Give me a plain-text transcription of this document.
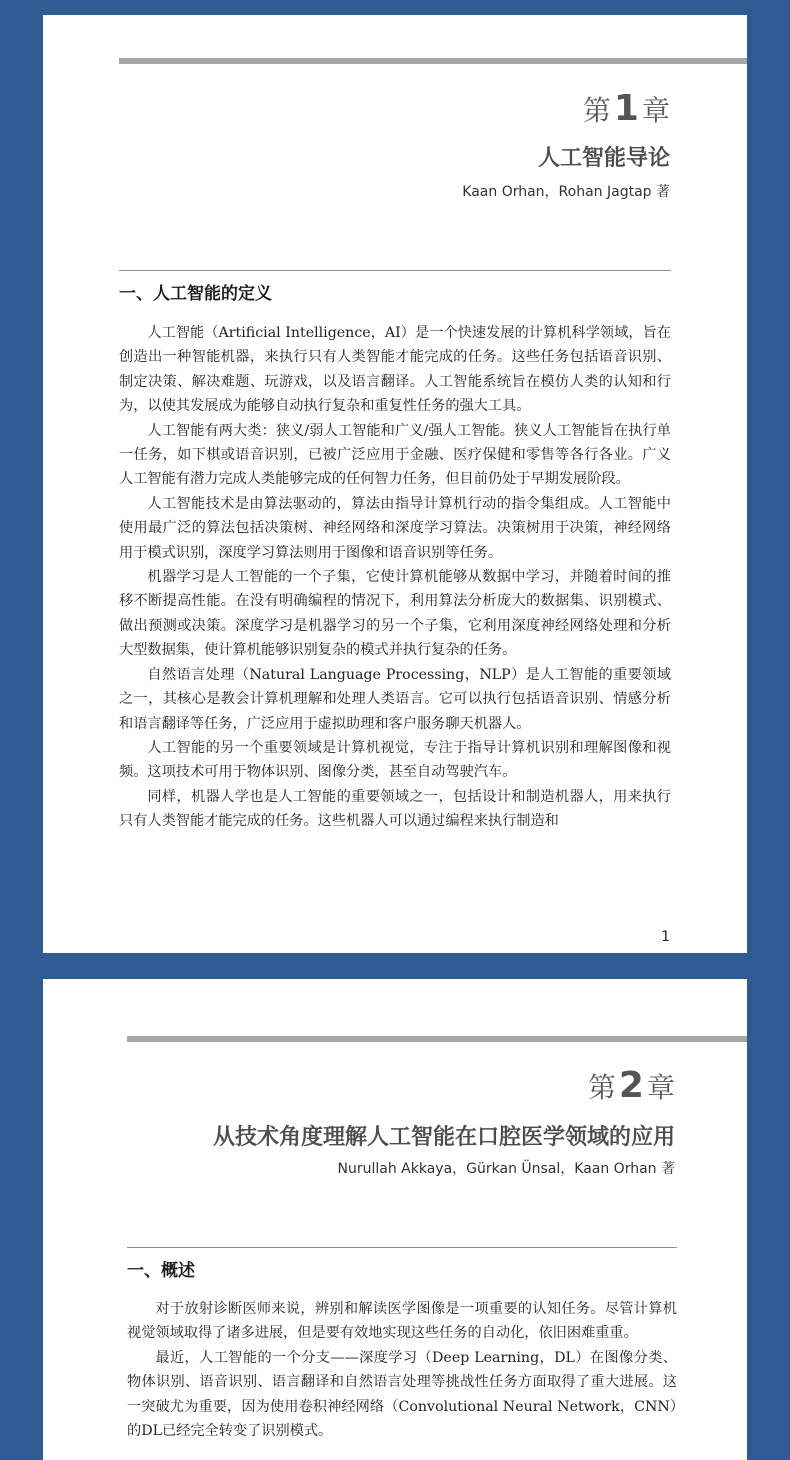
第1 章
人工智能导论
Kaan Orhan，Rohan Jagtap 著
一、人工智能的定义

人工智能（Artificial Intelligence，AI）是一个快速发展的计算机科学领域，旨在创造出一种智能机器，来执行只有人类智能才能完成的任务。这些任务包括语音识别、制定决策、解决难题、玩游戏，以及语言翻译。人工智能系统旨在模仿人类的认知和行为，以使其发展成为能够自动执行复杂和重复性任务的强大工具。

人工智能有两大类：狭义/弱人工智能和广义/强人工智能。狭义人工智能旨在执行单一任务，如下棋或语音识别，已被广泛应用于金融、医疗保健和零售等各行各业。广义人工智能有潜力完成人类能够完成的任何智力任务，但目前仍处于早期发展阶段。

人工智能技术是由算法驱动的，算法由指导计算机行动的指令集组成。人工智能中使用最广泛的算法包括决策树、神经网络和深度学习算法。决策树用于决策，神经网络用于模式识别，深度学习算法则用于图像和语音识别等任务。

机器学习是人工智能的一个子集，它使计算机能够从数据中学习，并随着时间的推移不断提高性能。在没有明确编程的情况下，利用算法分析庞大的数据集、识别模式、做出预测或决策。深度学习是机器学习的另一个子集，它利用深度神经网络处理和分析大型数据集，使计算机能够识别复杂的模式并执行复杂的任务。

自然语言处理（Natural Language Processing，NLP）是人工智能的重要领域之一，其核心是教会计算机理解和处理人类语言。它可以执行包括语音识别、情感分析和语言翻译等任务，广泛应用于虚拟助理和客户服务聊天机器人。

人工智能的另一个重要领域是计算机视觉，专注于指导计算机识别和理解图像和视频。这项技术可用于物体识别、图像分类，甚至自动驾驶汽车。

同样，机器人学也是人工智能的重要领域之一，包括设计和制造机器人，用来执行只有人类智能才能完成的任务。这些机器人可以通过编程来执行制造和

1
第2 章
从技术角度理解人工智能在口腔医学领域的应用
Nurullah Akkaya，Gürkan Ünsal，Kaan Orhan 著
一、概述

对于放射诊断医师来说，辨别和解读医学图像是一项重要的认知任务。尽管计算机视觉领域取得了诸多进展，但是要有效地实现这些任务的自动化，依旧困难重重。

最近，人工智能的一个分支——深度学习（Deep Learning，DL）在图像分类、物体识别、语音识别、语言翻译和自然语言处理等挑战性任务方面取得了重大进展。这一突破尤为重要，因为使用卷积神经网络（Convolutional Neural Network，CNN）的DL已经完全转变了识别模式。
